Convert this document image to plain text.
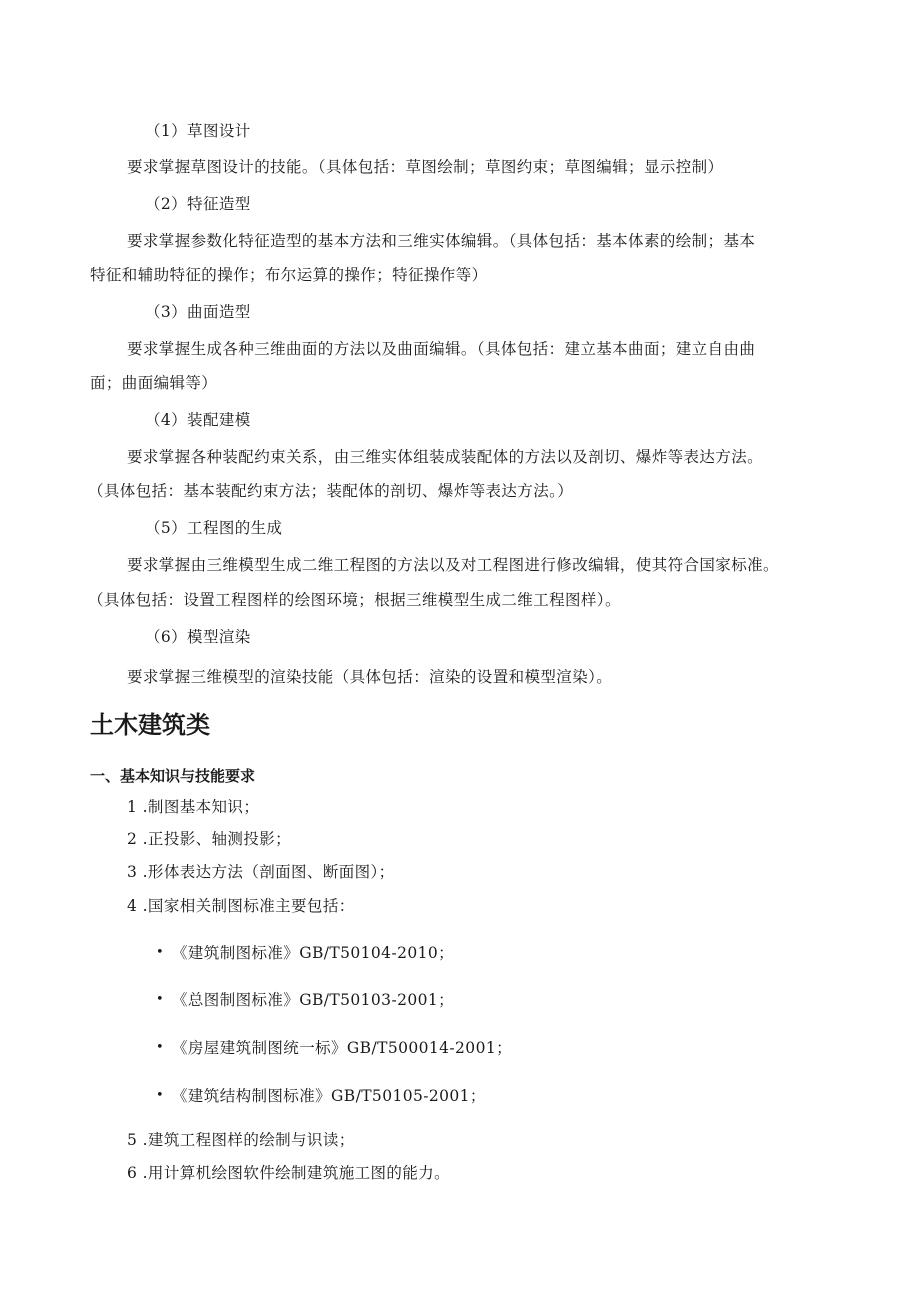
（1）草图设计
要求掌握草图设计的技能。（具体包括：草图绘制；草图约束；草图编辑；显示控制）
（2）特征造型
要求掌握参数化特征造型的基本方法和三维实体编辑。（具体包括：基本体素的绘制；基本
特征和辅助特征的操作；布尔运算的操作；特征操作等）
（3）曲面造型
要求掌握生成各种三维曲面的方法以及曲面编辑。（具体包括：建立基本曲面；建立自由曲
面；曲面编辑等）
（4）装配建模
要求掌握各种装配约束关系，由三维实体组装成装配体的方法以及剖切、爆炸等表达方法。
（具体包括：基本装配约束方法；装配体的剖切、爆炸等表达方法。）
（5）工程图的生成
要求掌握由三维模型生成二维工程图的方法以及对工程图进行修改编辑，使其符合国家标准。
（具体包括：设置工程图样的绘图环境；根据三维模型生成二维工程图样）。
（6）模型渲染
要求掌握三维模型的渲染技能（具体包括：渲染的设置和模型渲染）。
土木建筑类
一、基本知识与技能要求
1 .制图基本知识；
2 .正投影、轴测投影；
3 .形体表达方法（剖面图、断面图）；
4 .国家相关制图标准主要包括：
• 《建筑制图标准》GB/T50104-2010；
• 《总图制图标准》GB/T50103-2001；
• 《房屋建筑制图统一标》GB/T500014-2001；
• 《建筑结构制图标准》GB/T50105-2001；
5 .建筑工程图样的绘制与识读；
6 .用计算机绘图软件绘制建筑施工图的能力。
